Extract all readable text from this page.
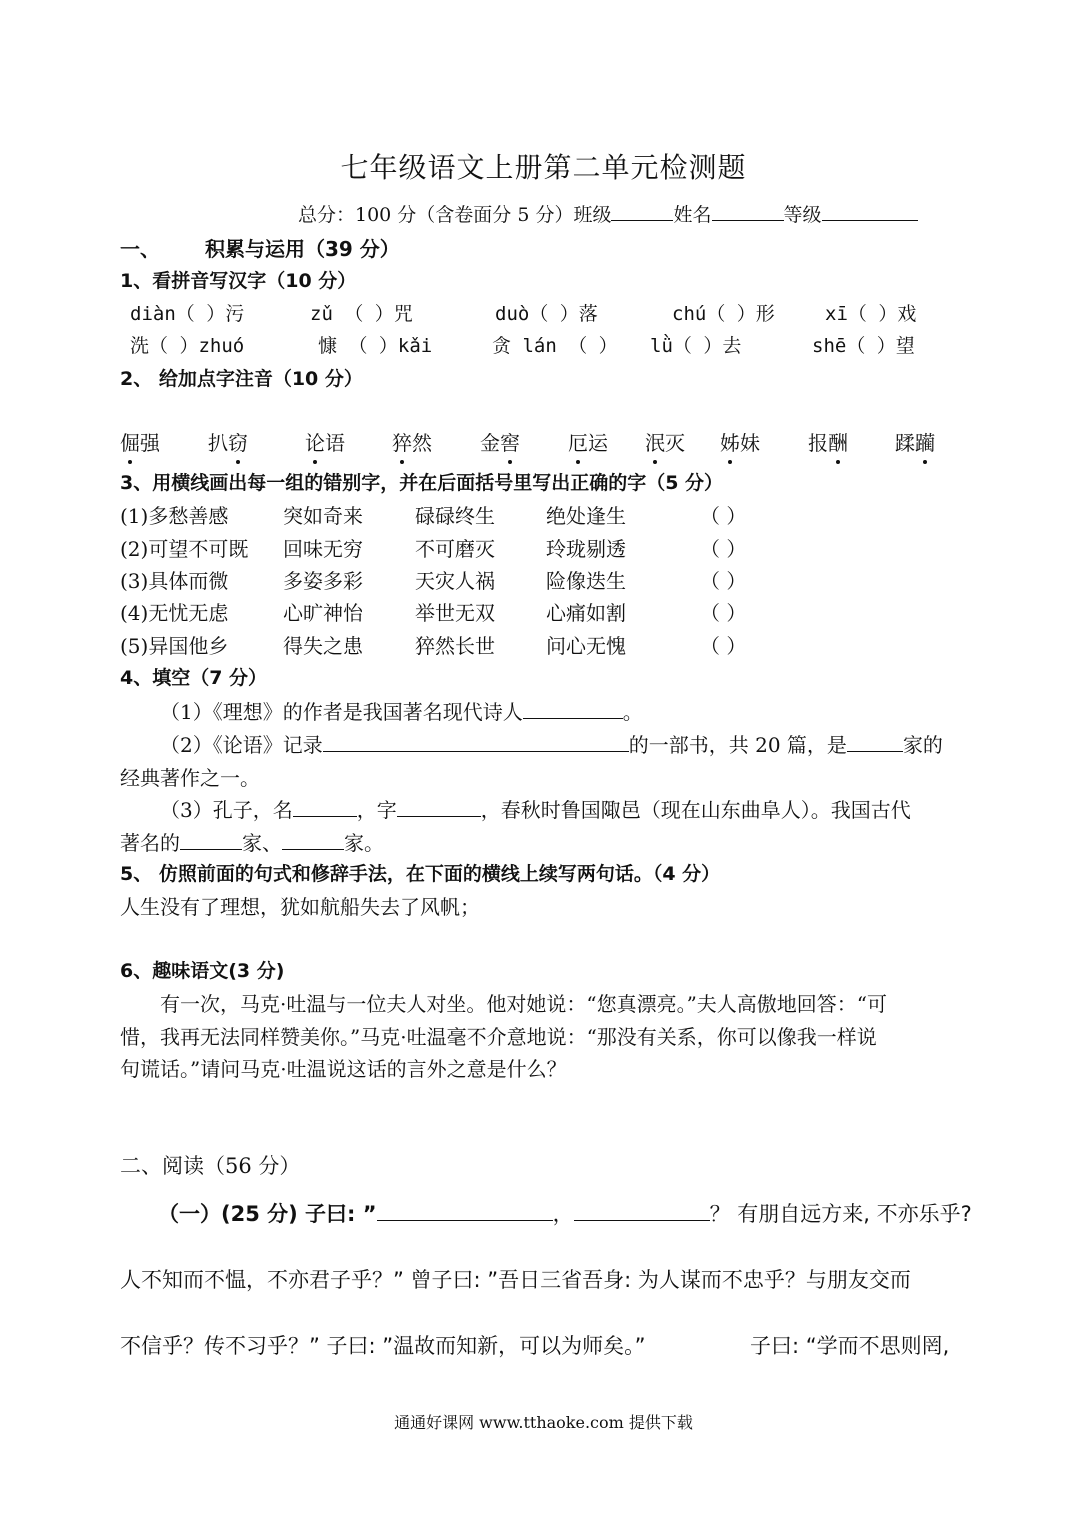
七年级语文上册第二单元检测题
总分：100 分（含卷面分 5 分）班级	姓名	等级
一、 积累与运用（39 分）
1、看拼音写汉字（10 分）
diàn（ ）污	zǔ （ ）咒	duò（ ）落	chú（ ）形	xī（ ）戏
洗（ ）zhuó	慷 （ ）kǎi	贪 lán （ ） lǜ（ ）去	shē（ ）望
2、 给加点字注音（10 分）
倔强 扒窃	论语 猝然 金窖 厄运 泯灭 姊妹 报酬 蹂躏
3、用横线画出每一组的错别字，并在后面括号里写出正确的字（5 分）
(1)多愁善感	突如奇来	碌碌终生	绝处逢生	（ ）
(2)可望不可既 回味无穷	不可磨灭	玲珑剔透	（ ）
(3)具体而微	多姿多彩	天灾人祸	险像迭生	（ ）
(4)无忧无虑	心旷神怡	举世无双	心痛如割	（ ）
(5)异国他乡	得失之患	猝然长世	问心无愧	（ ）
4、填空（7 分）
（1）《理想》的作者是我国著名现代诗人	。
（2）《论语》记录	的一部书，共 20 篇，是	家的
经典著作之一。
（3）孔子，名	，字	，春秋时鲁国陬邑（现在山东曲阜人）。我国古代
著名的	家、	家。
5、 仿照前面的句式和修辞手法，在下面的横线上续写两句话。（4 分）
人生没有了理想，犹如航船失去了风帆；
6、趣味语文(3 分)
有一次，马克·吐温与一位夫人对坐。他对她说：“您真漂亮。”夫人高傲地回答：“可
惜，我再无法同样赞美你。”马克·吐温毫不介意地说：“那没有关系，你可以像我一样说
句谎话。”请问马克·吐温说这话的言外之意是什么？
二、阅读（56 分）
（一）(25 分) 子曰: ”	，	？ 有朋自远方来, 不亦乐乎?
人不知而不愠，不亦君子乎？” 曾子曰: ”吾日三省吾身: 为人谋而不忠乎？与朋友交而
不信乎？传不习乎？” 子曰: ”温故而知新，可以为师矣。”	子曰: “学而不思则罔,
通通好课网 www.tthaoke.com 提供下载
